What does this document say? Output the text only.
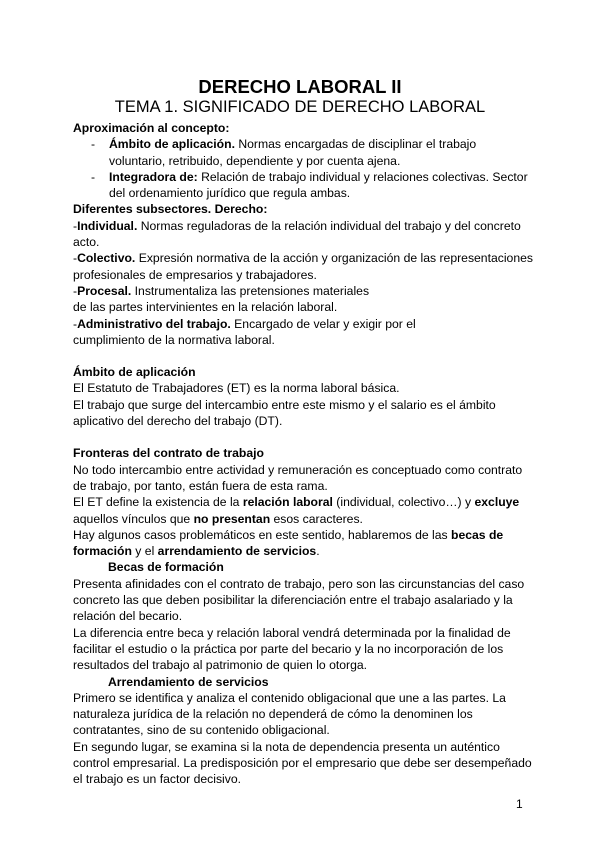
DERECHO LABORAL II
TEMA 1. SIGNIFICADO DE DERECHO LABORAL

Aproximación al concepto:

- Ámbito de aplicación. Normas encargadas de disciplinar el trabajo voluntario, retribuido, dependiente y por cuenta ajena.

- Integradora de: Relación de trabajo individual y relaciones colectivas. Sector del ordenamiento jurídico que regula ambas.

Diferentes subsectores. Derecho:

-Individual. Normas reguladoras de la relación individual del trabajo y del concreto acto.

-Colectivo. Expresión normativa de la acción y organización de las representaciones profesionales de empresarios y trabajadores.

-Procesal. Instrumentaliza las pretensiones materiales de las partes intervinientes en la relación laboral.

-Administrativo del trabajo. Encargado de velar y exigir por el cumplimiento de la normativa laboral.

Ámbito de aplicación

El Estatuto de Trabajadores (ET) es la norma laboral básica.

El trabajo que surge del intercambio entre este mismo y el salario es el ámbito aplicativo del derecho del trabajo (DT).

Fronteras del contrato de trabajo

No todo intercambio entre actividad y remuneración es conceptuado como contrato de trabajo, por tanto, están fuera de esta rama.

El ET define la existencia de la relación laboral (individual, colectivo…) y excluye aquellos vínculos que no presentan esos caracteres.

Hay algunos casos problemáticos en este sentido, hablaremos de las becas de formación y el arrendamiento de servicios.

Becas de formación

Presenta afinidades con el contrato de trabajo, pero son las circunstancias del caso concreto las que deben posibilitar la diferenciación entre el trabajo asalariado y la relación del becario.

La diferencia entre beca y relación laboral vendrá determinada por la finalidad de facilitar el estudio o la práctica por parte del becario y la no incorporación de los resultados del trabajo al patrimonio de quien lo otorga.

Arrendamiento de servicios

Primero se identifica y analiza el contenido obligacional que une a las partes. La naturaleza jurídica de la relación no dependerá de cómo la denominen los contratantes, sino de su contenido obligacional.

En segundo lugar, se examina si la nota de dependencia presenta un auténtico control empresarial. La predisposición por el empresario que debe ser desempeñado el trabajo es un factor decisivo.

1
